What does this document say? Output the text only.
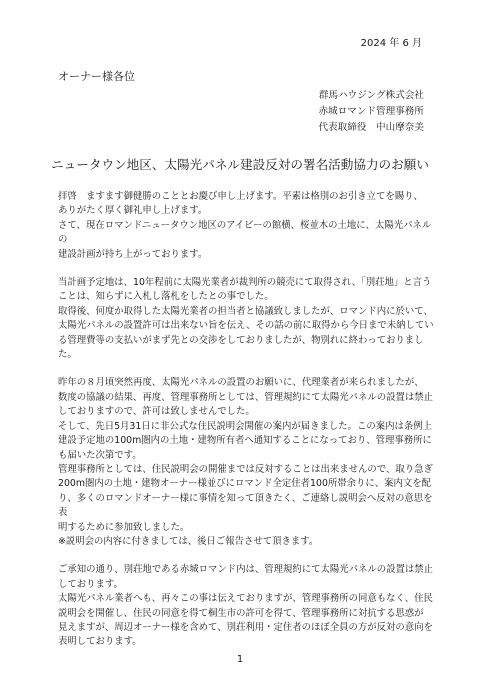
2024 年 6 月
オーナー様各位
群馬ハウジング株式会社
赤城ロマンド管理事務所
代表取締役　中山摩奈美
ニュータウン地区、太陽光パネル建設反対の署名活動協力のお願い

拝啓　ますます御健勝のこととお慶び申し上げます。平素は格別のお引き立てを賜り、
ありがたく厚く御礼申し上げます。
さて、現在ロマンドニュータウン地区のアイビーの館横、桜並木の土地に、太陽光パネルの
建設計画が持ち上がっております。

当計画予定地は、10年程前に太陽光業者が裁判所の競売にて取得され、「別荘地」と言う
ことは、知らずに入札し落札をしたとの事でした。
取得後、何度か取得した太陽光業者の担当者と協議致しましたが、ロマンド内に於いて、
太陽光パネルの設置許可は出来ない旨を伝え、その話の前に取得から今日まで未納してい
る管理費等の支払いがまず先との交渉をしておりましたが、物別れに終わっておりました。

昨年の８月頃突然再度、太陽光パネルの設置のお願いに、代理業者が来られましたが、
数度の協議の結果、再度、管理事務所としては、管理規約にて太陽光パネルの設置は禁止
しておりますので、許可は致しませんでした。
そして、先日5月31日に非公式な住民説明会開催の案内が届きました。この案内は条例上
建設予定地の100m圏内の土地・建物所有者へ通知することになっており、管理事務所に
も届いた次第です。
管理事務所としては、住民説明会の開催までは反対することは出来ませんので、取り急ぎ
200m圏内の土地・建物オーナー様並びにロマンド全定住者100所帯余りに、案内文を配
り、多くのロマンドオーナー様に事情を知って頂きたく、ご連絡し説明会へ反対の意思を表
明するために参加致しました。
※説明会の内容に付きましては、後日ご報告させて頂きます。

ご承知の通り、別荘地である赤城ロマンド内は、管理規約にて太陽光パネルの設置は禁止
しております。
太陽光パネル業者へも、再々この事は伝えておりますが、管理事務所の同意もなく、住民
説明会を開催し、住民の同意を得て桐生市の許可を得て、管理事務所に対抗する思惑が
見えますが、周辺オーナー様を含めて、別荘利用・定住者のほぼ全員の方が反対の意向を
表明しております。

1
